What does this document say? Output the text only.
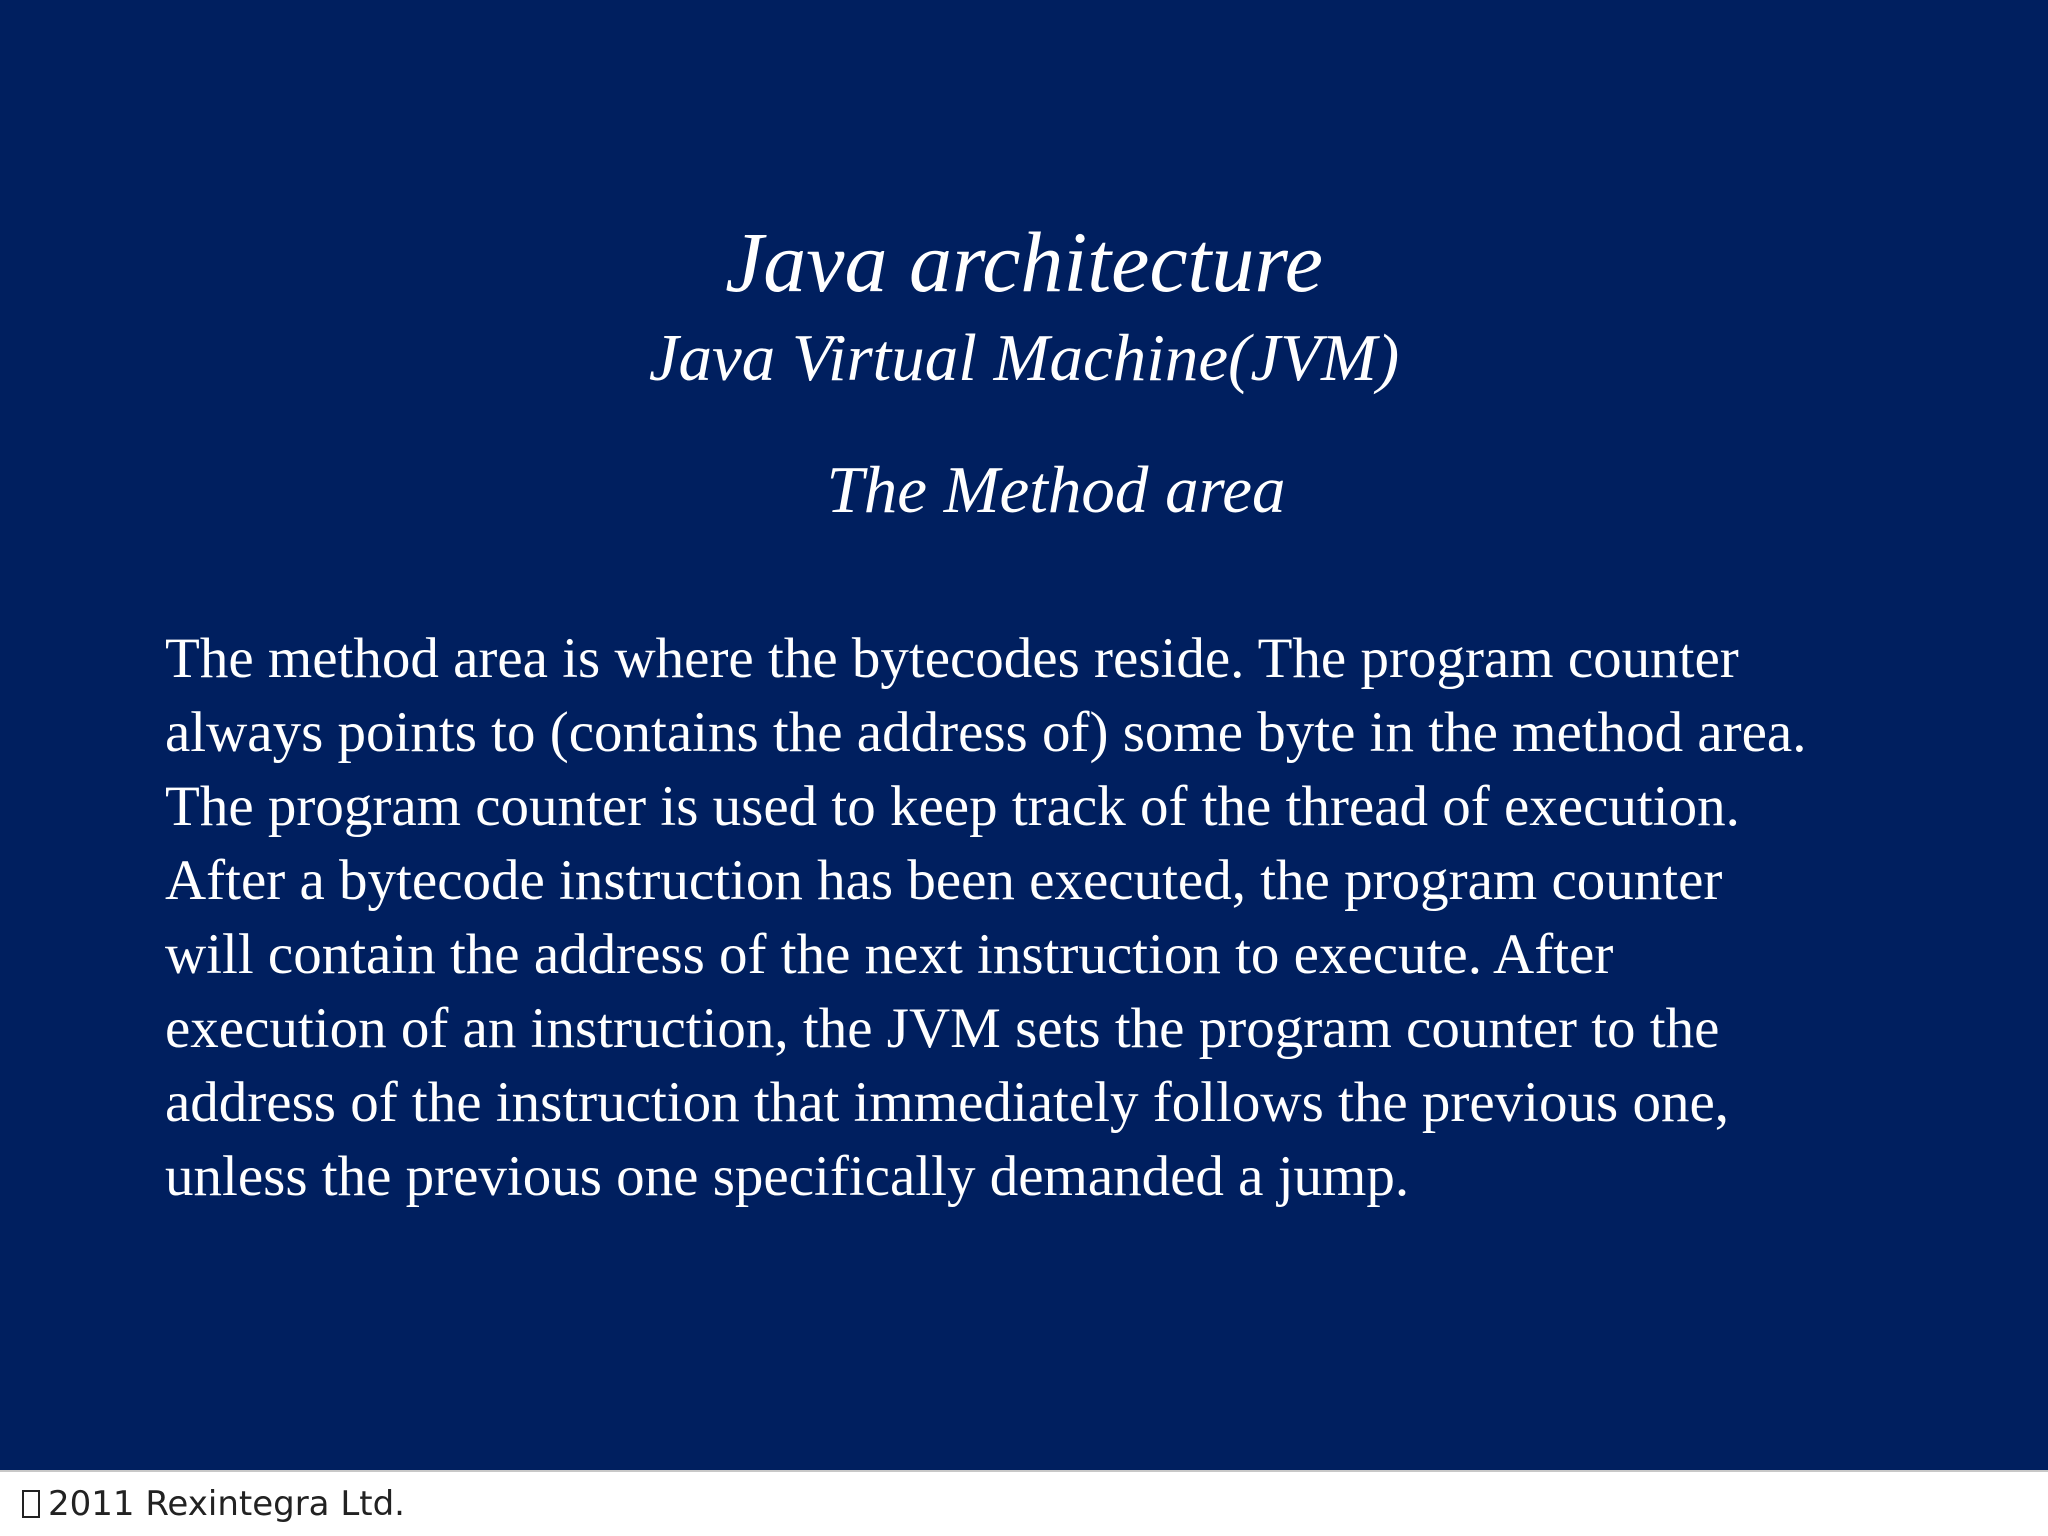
Java architecture
Java Virtual Machine(JVM)
The Method area

The method area is where the bytecodes reside. The program counter
always points to (contains the address of) some byte in the method area.
The program counter is used to keep track of the thread of execution.
After a bytecode instruction has been executed, the program counter
will contain the address of the next instruction to execute. After
execution of an instruction, the JVM sets the program counter to the
address of the instruction that immediately follows the previous one,
unless the previous one specifically demanded a jump.

2011 Rexintegra Ltd.
